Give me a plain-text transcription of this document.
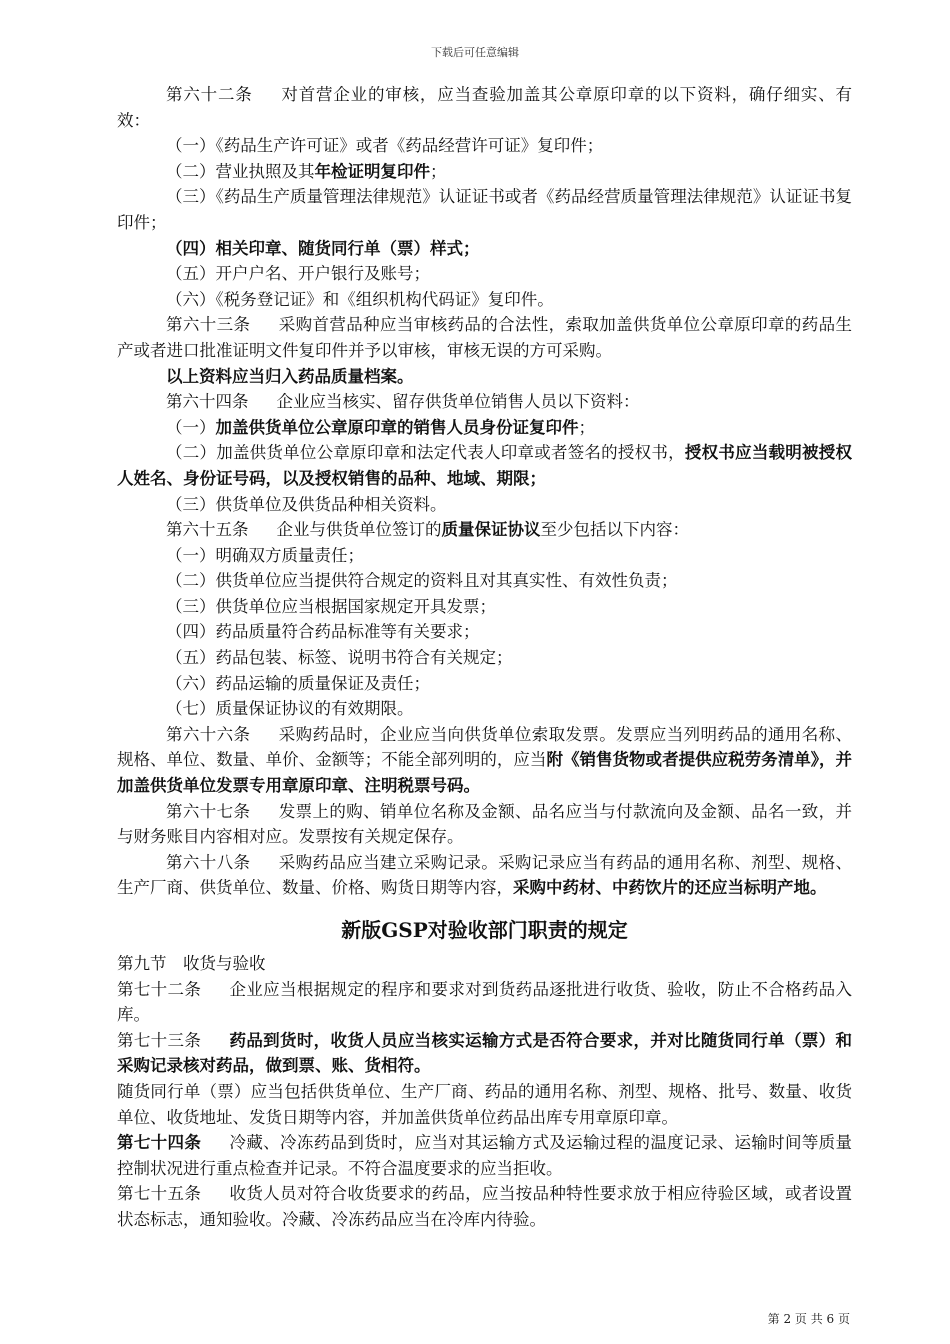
下载后可任意编辑

第六十二条 对首营企业的审核，应当查验加盖其公章原印章的以下资料，确仔细实、有效：

（一）《药品生产许可证》或者《药品经营许可证》复印件；

（二）营业执照及其年检证明复印件；

（三）《药品生产质量管理法律规范》认证证书或者《药品经营质量管理法律规范》认证证书复印件；

（四）相关印章、随货同行单（票）样式；

（五）开户户名、开户银行及账号；

（六）《税务登记证》和《组织机构代码证》复印件。

第六十三条 采购首营品种应当审核药品的合法性，索取加盖供货单位公章原印章的药品生产或者进口批准证明文件复印件并予以审核，审核无误的方可采购。

以上资料应当归入药品质量档案。

第六十四条 企业应当核实、留存供货单位销售人员以下资料：

（一）加盖供货单位公章原印章的销售人员身份证复印件；

（二）加盖供货单位公章原印章和法定代表人印章或者签名的授权书，授权书应当载明被授权人姓名、身份证号码，以及授权销售的品种、地域、期限；

（三）供货单位及供货品种相关资料。

第六十五条 企业与供货单位签订的质量保证协议至少包括以下内容：

（一）明确双方质量责任；

（二）供货单位应当提供符合规定的资料且对其真实性、有效性负责；

（三）供货单位应当根据国家规定开具发票；

（四）药品质量符合药品标准等有关要求；

（五）药品包装、标签、说明书符合有关规定；

（六）药品运输的质量保证及责任；

（七）质量保证协议的有效期限。

第六十六条 采购药品时，企业应当向供货单位索取发票。发票应当列明药品的通用名称、规格、单位、数量、单价、金额等；不能全部列明的，应当附《销售货物或者提供应税劳务清单》，并加盖供货单位发票专用章原印章、注明税票号码。

第六十七条 发票上的购、销单位名称及金额、品名应当与付款流向及金额、品名一致，并与财务账目内容相对应。发票按有关规定保存。

第六十八条 采购药品应当建立采购记录。采购记录应当有药品的通用名称、剂型、规格、生产厂商、供货单位、数量、价格、购货日期等内容，采购中药材、中药饮片的还应当标明产地。

新版GSP对验收部门职责的规定

第九节　收货与验收

第七十二条 企业应当根据规定的程序和要求对到货药品逐批进行收货、验收，防止不合格药品入库。

第七十三条 药品到货时，收货人员应当核实运输方式是否符合要求，并对比随货同行单（票）和采购记录核对药品，做到票、账、货相符。

随货同行单（票）应当包括供货单位、生产厂商、药品的通用名称、剂型、规格、批号、数量、收货单位、收货地址、发货日期等内容，并加盖供货单位药品出库专用章原印章。

第七十四条 冷藏、冷冻药品到货时，应当对其运输方式及运输过程的温度记录、运输时间等质量控制状况进行重点检查并记录。不符合温度要求的应当拒收。

第七十五条 收货人员对符合收货要求的药品，应当按品种特性要求放于相应待验区域，或者设置状态标志，通知验收。冷藏、冷冻药品应当在冷库内待验。

第 2 页 共 6 页
